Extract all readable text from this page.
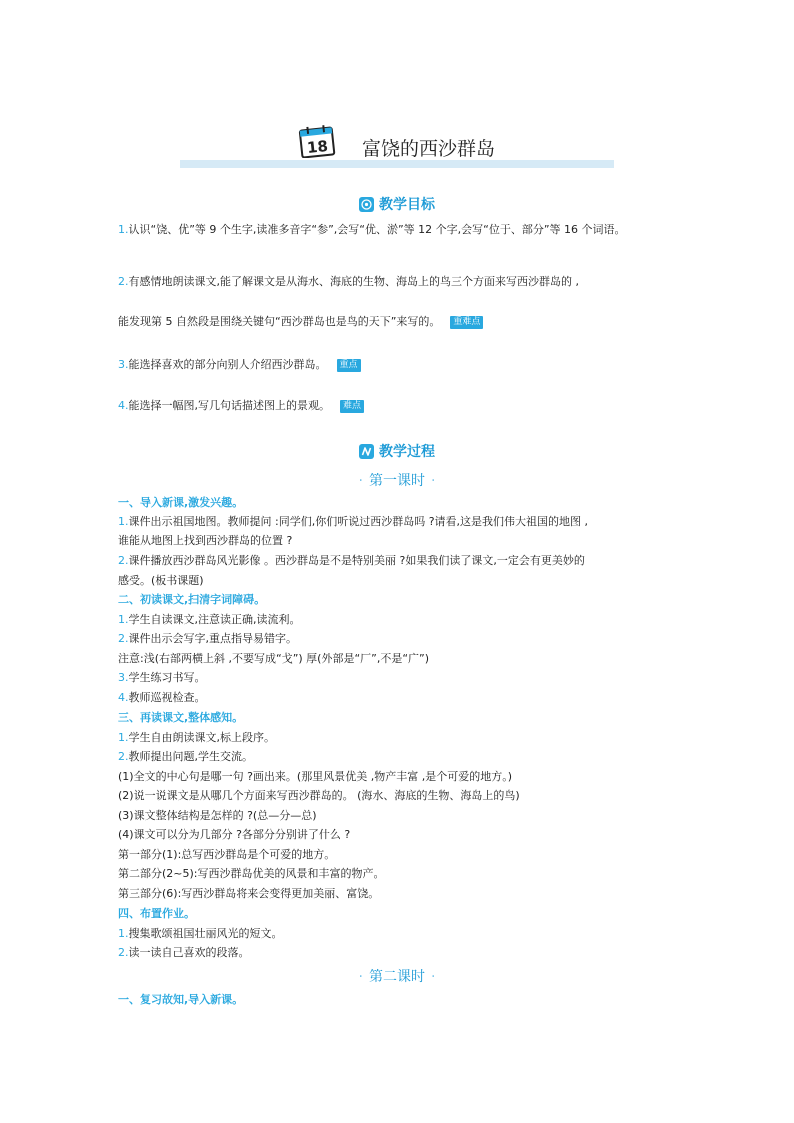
18 富饶的西沙群岛
教学目标
1.认识“饶、优”等 9 个生字,读准多音字“参”,会写“优、淤”等 12 个字,会写“位于、部分”等 16 个词语。
2.有感情地朗读课文,能了解课文是从海水、海底的生物、海岛上的鸟三个方面来写西沙群岛的 ,
能发现第 5 自然段是围绕关键句“西沙群岛也是鸟的天下”来写的。 重难点
3.能选择喜欢的部分向别人介绍西沙群岛。 重点
4.能选择一幅图,写几句话描述图上的景观。 难点
教学过程
· 第一课时 ·
一、导入新课,激发兴趣。
1.课件出示祖国地图。教师提问 :同学们,你们听说过西沙群岛吗 ?请看,这是我们伟大祖国的地图 ,
谁能从地图上找到西沙群岛的位置 ?
2.课件播放西沙群岛风光影像 。西沙群岛是不是特别美丽 ?如果我们读了课文,一定会有更美妙的
感受。(板书课题)
二、初读课文,扫清字词障碍。
1.学生自读课文,注意读正确,读流利。
2.课件出示会写字,重点指导易错字。
注意:浅(右部两横上斜 ,不要写成“戈”) 厚(外部是“厂”,不是“广”)
3.学生练习书写。
4.教师巡视检查。
三、再读课文,整体感知。
1.学生自由朗读课文,标上段序。
2.教师提出问题,学生交流。
(1)全文的中心句是哪一句 ?画出来。(那里风景优美 ,物产丰富 ,是个可爱的地方。)
(2)说一说课文是从哪几个方面来写西沙群岛的。 (海水、海底的生物、海岛上的鸟)
(3)课文整体结构是怎样的 ?(总—分—总)
(4)课文可以分为几部分 ?各部分分别讲了什么 ?
第一部分(1):总写西沙群岛是个可爱的地方。
第二部分(2~5):写西沙群岛优美的风景和丰富的物产。
第三部分(6):写西沙群岛将来会变得更加美丽、富饶。
四、布置作业。
1.搜集歌颂祖国壮丽风光的短文。
2.读一读自己喜欢的段落。
· 第二课时 ·
一、复习故知,导入新课。
